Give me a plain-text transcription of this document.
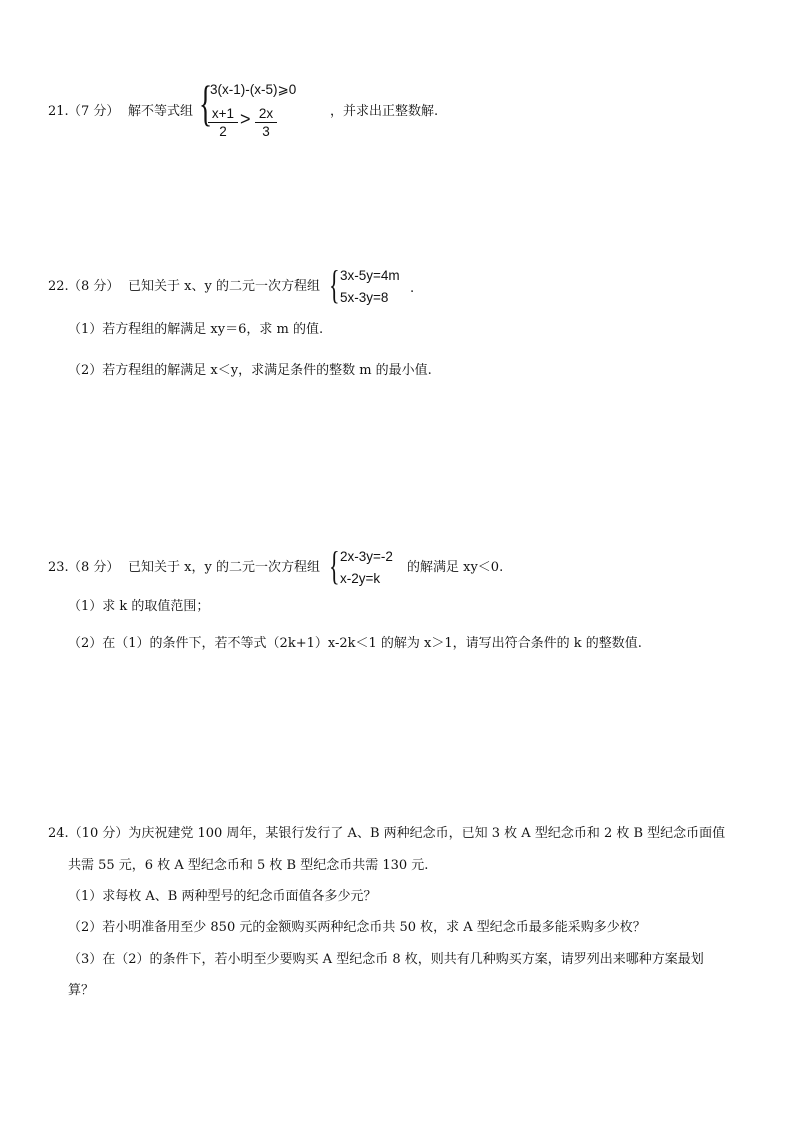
21. （7 分） 解不等式组 {
3(x-1)-(x-5)⩾0
$\frac{x+1}{2} > \frac{2x}{3}$	，并求出正整数解.
22. （8 分） 已知关于 x、y 的二元一次方程组 { 3x-5y=4m
5x-3y=8
.
（1）若方程组的解满足 xy＝6，求 m 的值.
（2）若方程组的解满足 x＜y，求满足条件的整数 m 的最小值.
23. （8 分） 已知关于 x，y 的二元一次方程组 { 2x-3y=-2
x-2y=k
的解满足 xy＜0.
（1）求 k 的取值范围；
（2）在（1）的条件下，若不等式（2k+1）x-2k＜1 的解为 x＞1，请写出符合条件的 k 的整数值.
24.（10 分）为庆祝建党 100 周年，某银行发行了 A、B 两种纪念币，已知 3 枚 A 型纪念币和 2 枚 B 型纪念币面值
共需 55 元，6 枚 A 型纪念币和 5 枚 B 型纪念币共需 130 元.
（1）求每枚 A、B 两种型号的纪念币面值各多少元？
（2）若小明准备用至少 850 元的金额购买两种纪念币共 50 枚，求 A 型纪念币最多能采购多少枚？
（3）在（2）的条件下，若小明至少要购买 A 型纪念币 8 枚，则共有几种购买方案，请罗列出来哪种方案最划
算？
